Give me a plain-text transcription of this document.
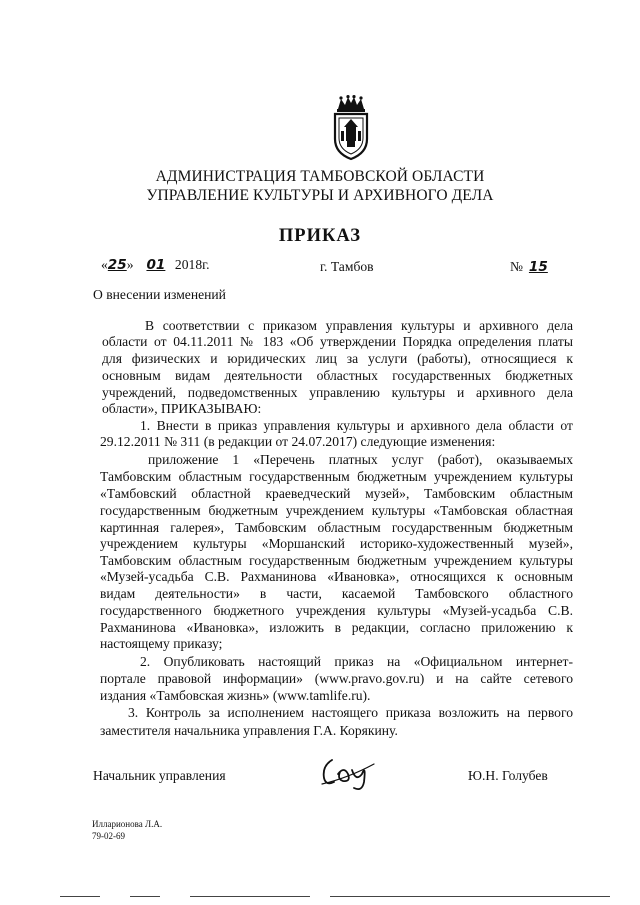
АДМИНИСТРАЦИЯ ТАМБОВСКОЙ ОБЛАСТИ
УПРАВЛЕНИЕ КУЛЬТУРЫ И АРХИВНОГО ДЕЛА
ПРИКАЗ
«25» 01 2018г.	г. Тамбов	№ 15
О внесении изменений
В соответствии с приказом управления культуры и архивного дела
области от 04.11.2011 № 183 «Об утверждении Порядка определения платы
для физических и юридических лиц за услуги (работы), относящиеся к
основным видам деятельности областных государственных бюджетных
учреждений, подведомственных управлению культуры и архивного дела
области», ПРИКАЗЫВАЮ:
1. Внести в приказ управления культуры и архивного дела области от
29.12.2011 № 311 (в редакции от 24.07.2017) следующие изменения:
приложение 1 «Перечень платных услуг (работ), оказываемых
Тамбовским областным государственным бюджетным учреждением культуры
«Тамбовский областной краеведческий музей», Тамбовским областным
государственным бюджетным учреждением культуры «Тамбовская областная
картинная галерея», Тамбовским областным государственным бюджетным
учреждением культуры «Моршанский историко-художественный музей»,
Тамбовским областным государственным бюджетным учреждением культуры
«Музей-усадьба С.В. Рахманинова «Ивановка», относящихся к основным
видам деятельности» в части, касаемой Тамбовского областного
государственного бюджетного учреждения культуры «Музей-усадьба С.В.
Рахманинова «Ивановка», изложить в редакции, согласно приложению к
настоящему приказу;
2. Опубликовать настоящий приказ на «Официальном интернет-
портале правовой информации» (www.pravo.gov.ru) и на сайте сетевого
издания «Тамбовская жизнь» (www.tamlife.ru).
3. Контроль за исполнением настоящего приказа возложить на первого
заместителя начальника управления Г.А. Корякину.
Начальник управления	Ю.Н. Голубев
Илларионова Л.А.
79-02-69
